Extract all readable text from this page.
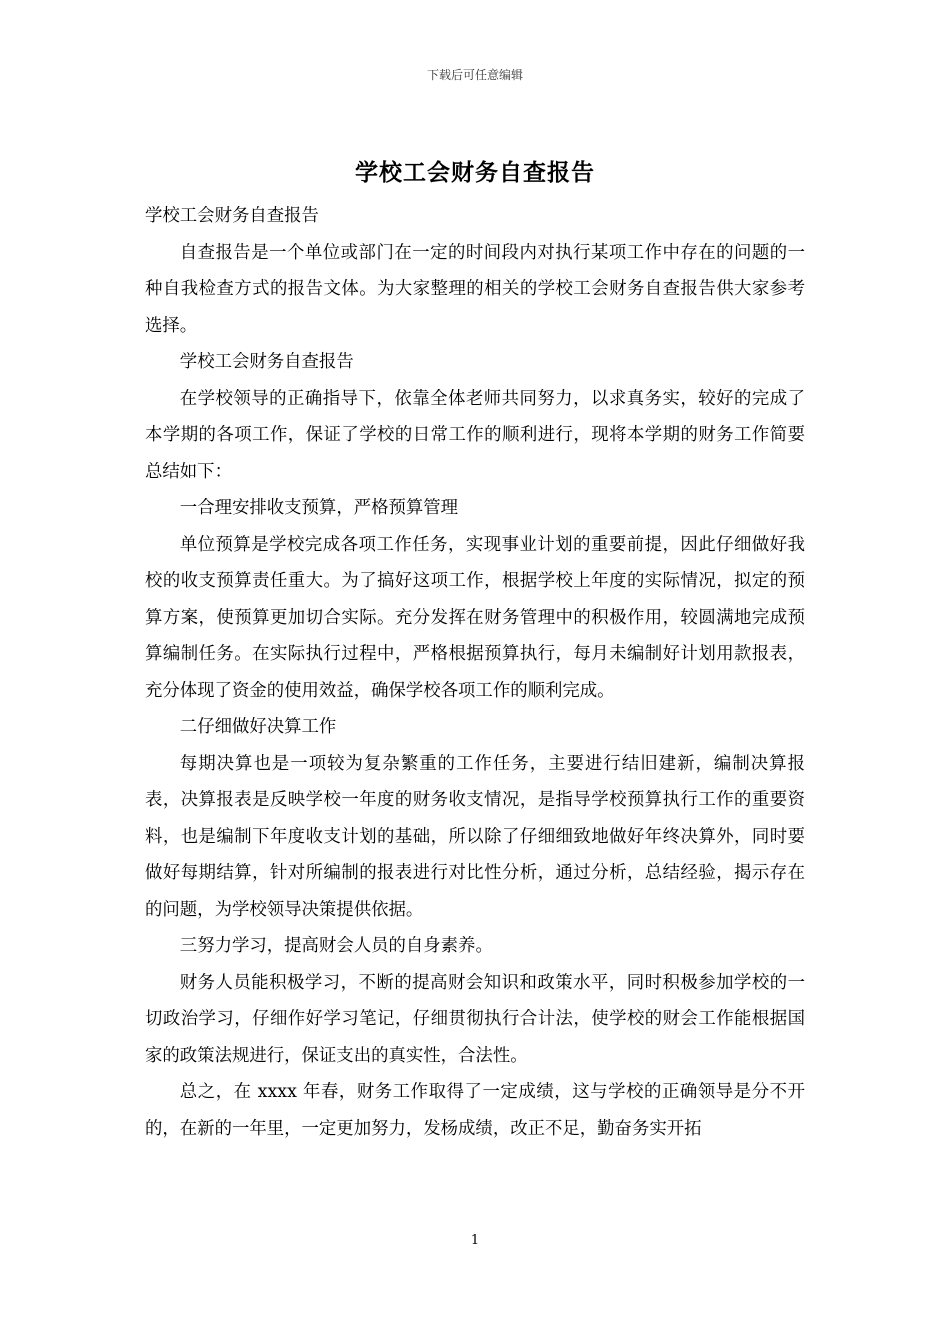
下载后可任意编辑
学校工会财务自查报告

学校工会财务自查报告

自查报告是一个单位或部门在一定的时间段内对执行某项工作中存在的问题的一种自我检查方式的报告文体。为大家整理的相关的学校工会财务自查报告供大家参考选择。

学校工会财务自查报告

在学校领导的正确指导下，依靠全体老师共同努力，以求真务实，较好的完成了本学期的各项工作，保证了学校的日常工作的顺利进行，现将本学期的财务工作简要总结如下：

一合理安排收支预算，严格预算管理

单位预算是学校完成各项工作任务，实现事业计划的重要前提，因此仔细做好我校的收支预算责任重大。为了搞好这项工作，根据学校上年度的实际情况，拟定的预算方案，使预算更加切合实际。充分发挥在财务管理中的积极作用，较圆满地完成预算编制任务。在实际执行过程中，严格根据预算执行，每月未编制好计划用款报表，充分体现了资金的使用效益，确保学校各项工作的顺利完成。

二仔细做好决算工作

每期决算也是一项较为复杂繁重的工作任务，主要进行结旧建新，编制决算报表，决算报表是反映学校一年度的财务收支情况，是指导学校预算执行工作的重要资料，也是编制下年度收支计划的基础，所以除了仔细细致地做好年终决算外，同时要做好每期结算，针对所编制的报表进行对比性分析，通过分析，总结经验，揭示存在的问题，为学校领导决策提供依据。

三努力学习，提高财会人员的自身素养。

财务人员能积极学习，不断的提高财会知识和政策水平，同时积极参加学校的一切政治学习，仔细作好学习笔记，仔细贯彻执行合计法，使学校的财会工作能根据国家的政策法规进行，保证支出的真实性，合法性。

总之，在 xxxx 年春，财务工作取得了一定成绩，这与学校的正确领导是分不开的，在新的一年里，一定更加努力，发杨成绩，改正不足，勤奋务实开拓

1
